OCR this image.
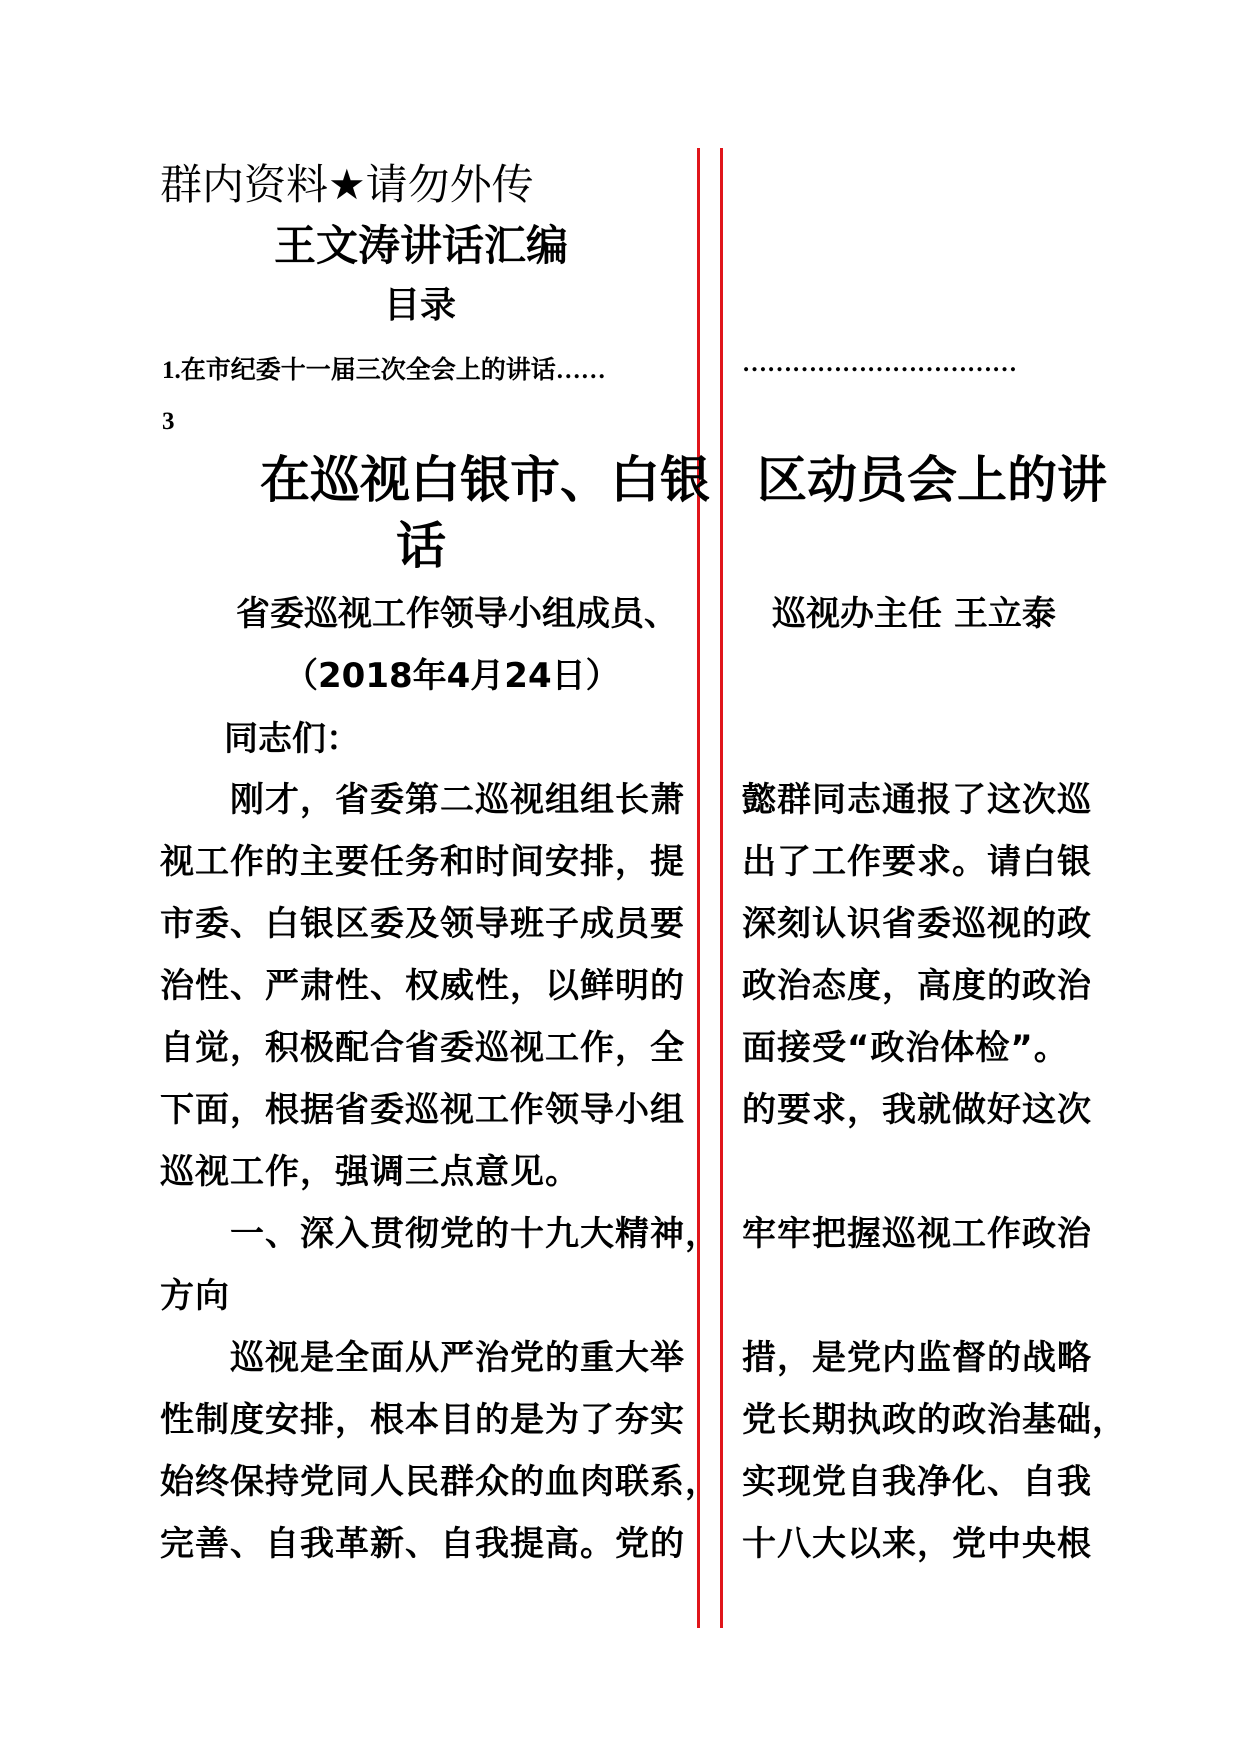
群内资料★请勿外传
王文涛讲话汇编
目录
1.在市纪委十一届三次全会上的讲话……	……………………………
3
在巡视白银市、白银 区动员会上的讲
话
省委巡视工作领导小组成员、	巡视办主任 王立泰
（2018年4月24日）
同志们：
　　刚才，省委第二巡视组组长萧
视工作的主要任务和时间安排，提
市委、白银区委及领导班子成员要
治性、严肃性、权威性，以鲜明的
自觉，积极配合省委巡视工作，全
下面，根据省委巡视工作领导小组
巡视工作，强调三点意见。
　　一、深入贯彻党的十九大精神，
方向
　　巡视是全面从严治党的重大举
性制度安排，根本目的是为了夯实
始终保持党同人民群众的血肉联系，
完善、自我革新、自我提高。党的
懿群同志通报了这次巡
出了工作要求。请白银
深刻认识省委巡视的政
政治态度，高度的政治
面接受“政治体检”。
的要求，我就做好这次
牢牢把握巡视工作政治
措，是党内监督的战略
党长期执政的政治基础，
实现党自我净化、自我
十八大以来，党中央根
